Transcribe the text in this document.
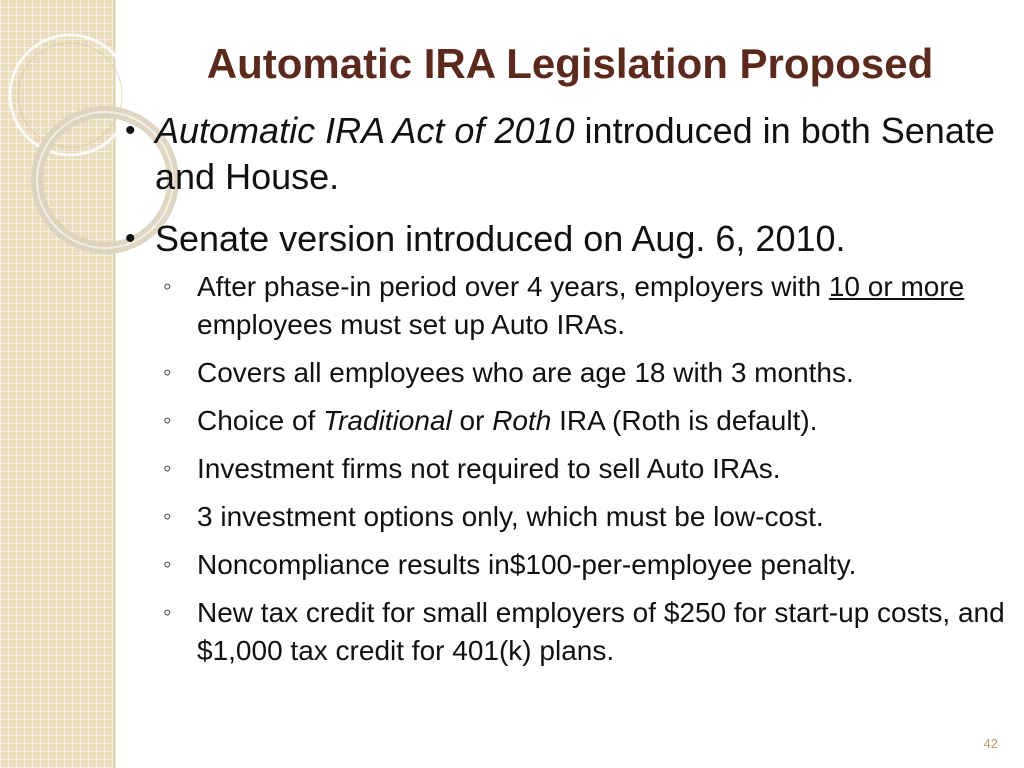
Automatic IRA Legislation Proposed
• Automatic IRA Act of 2010 introduced in both Senate and House.
• Senate version introduced on Aug. 6, 2010.
◦ After phase-in period over 4 years, employers with 10 or more employees must set up Auto IRAs.
◦ Covers all employees who are age 18 with 3 months.
◦ Choice of Traditional or Roth IRA (Roth is default).
◦ Investment firms not required to sell Auto IRAs.
◦ 3 investment options only, which must be low-cost.
◦ Noncompliance results in$100-per-employee penalty.
◦ New tax credit for small employers of $250 for start-up costs, and $1,000 tax credit for 401(k) plans.
42
